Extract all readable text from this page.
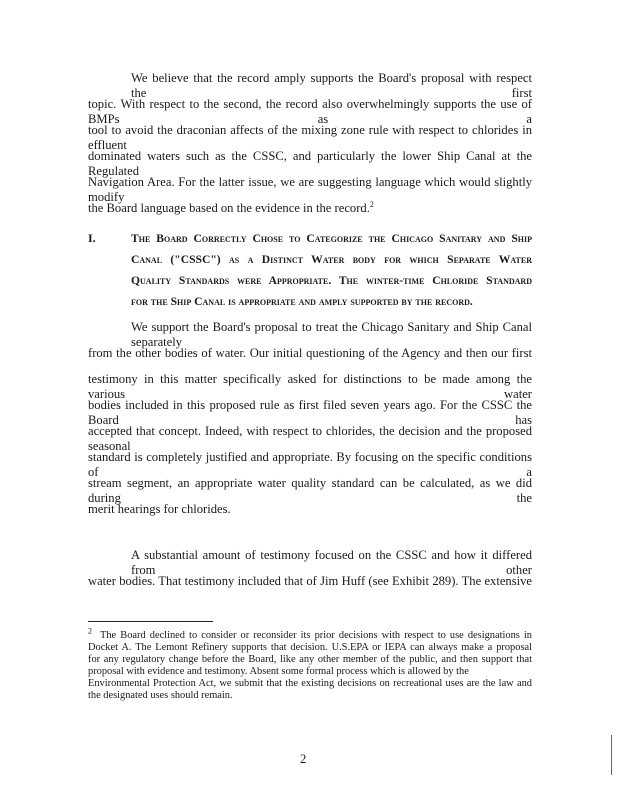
We believe that the record amply supports the Board's proposal with respect the first
topic. With respect to the second, the record also overwhelmingly supports the use of BMPs as a
tool to avoid the draconian affects of the mixing zone rule with respect to chlorides in effluent
dominated waters such as the CSSC, and particularly the lower Ship Canal at the Regulated
Navigation Area. For the latter issue, we are suggesting language which would slightly modify
the Board language based on the evidence in the record.$^2$
I.	The Board Correctly Chose to Categorize the Chicago Sanitary and Ship
Canal ("CSSC") as a Distinct Water body for which Separate Water
Quality Standards were Appropriate. The winter-time Chloride Standard
for the Ship Canal is appropriate and amply supported by the record.
We support the Board's proposal to treat the Chicago Sanitary and Ship Canal separately
from the other bodies of water. Our initial questioning of the Agency and then our first
testimony in this matter specifically asked for distinctions to be made among the various water
bodies included in this proposed rule as first filed seven years ago. For the CSSC the Board has
accepted that concept. Indeed, with respect to chlorides, the decision and the proposed seasonal
standard is completely justified and appropriate. By focusing on the specific conditions of a
stream segment, an appropriate water quality standard can be calculated, as we did during the
merit hearings for chlorides.
A substantial amount of testimony focused on the CSSC and how it differed from other
water bodies. That testimony included that of Jim Huff (see Exhibit 289). The extensive
$^2$ The Board declined to consider or reconsider its prior decisions with respect to use designations in
Docket A. The Lemont Refinery supports that decision. U.S.EPA or IEPA can always make a proposal
for any regulatory change before the Board, like any other member of the public, and then support that
proposal with evidence and testimony. Absent some formal process which is allowed by the
Environmental Protection Act, we submit that the existing decisions on recreational uses are the law and
the designated uses should remain.
2
